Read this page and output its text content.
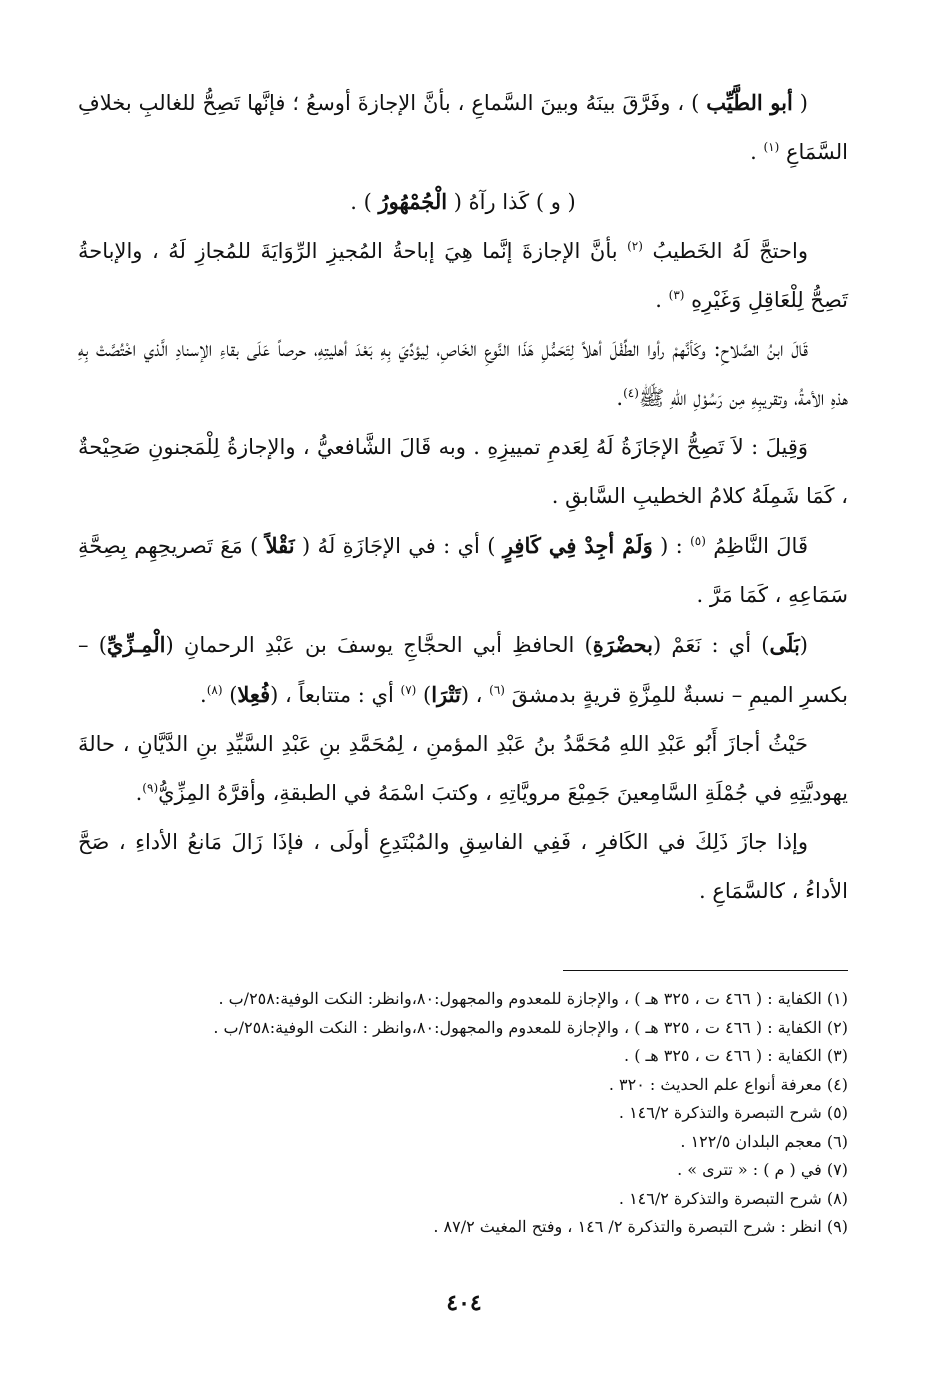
( أبو الطَّيِّب ) ، وفَرَّقَ بينَهُ وبينَ السَّماعِ ، بأنَّ الإجازةَ أوسعُ ؛ فإنَّها تَصِحُّ للغالبِ بخلافِ السَّمَاعِ $^{(١)}$ .

( و ) كَذا رآهُ ( الْجُمْهُورُ ) .

واحتجَّ لَهُ الخَطيبُ $^{(٢)}$ بأنَّ الإجازةَ إنَّما هِيَ إباحةُ المُجيزِ الرِّوَايَةَ للمُجازِ لَهُ ، والإباحةُ تَصِحُّ لِلْعَاقِلِ وَغَيْرِهِ $^{(٣)}$ .

قَالَ ابنُ الصَّلاحِ: وكَأنَّهمْ رأوا الطِّفْلَ أهلاً لِتَحَمُّلِ هَذَا النَّوعِ الخَاصِ، لِيؤدِّيَ بِهِ بَعْدَ أهليتِهِ، حرصاً عَلَى بقاءِ الإسنادِ الَّذي اخْتُصَّتْ بِهِ هذهِ الأمةُ، وتقريبِهِ مِن رَسُوْلِ اللهِ ﷺ$^{(٤)}$.

وَقِيلَ : لاَ تَصِحُّ الإجَازَةُ لَهُ لِعَدمِ تمييزِهِ . وبه قَالَ الشَّافعيُّ ، والإجازةُ لِلْمَجنونِ صَحِيْحةٌ ، كَمَا شَمِلَهُ كلامُ الخطيبِ السَّابقِ .

قَالَ النَّاظِمُ $^{(٥)}$ : ( وَلَمْ أجِدْ فِي كَافِرٍ ) أي : في الإجَازَةِ لَهُ ( نَقْلاً ) مَعَ تَصريحِهِم بِصِحَّةِ سَمَاعِهِ ، كَمَا مَرَّ .

(بَلَى) أي : نَعَمْ (بحضْرَةِ) الحافظِ أبي الحجَّاجِ يوسفَ بن عَبْدِ الرحمانِ (الْمِـزِّيِّ) – بكسرِ الميمِ – نسبةٌ للمِزَّةِ قريةٍ بدمشقَ $^{(٦)}$ ، (تَتْرَا) $^{(٧)}$ أي : متتابعاً ، (فُعِلا) $^{(٨)}$.

حَيْثُ أجازَ أَبُو عَبْدِ اللهِ مُحَمَّدُ بنُ عَبْدِ المؤمنِ ، لِمُحَمَّدِ بنِ عَبْدِ السَّيِّدِ بنِ الدَّيَّانِ ، حالةَ يهوديَّتِهِ في جُمْلَةِ السَّامِعينَ جَمِيْعَ مرويَّاتِهِ ، وكتبَ اسْمَهُ في الطبقةِ، وأقرَّهُ المِزِّيُّ$^{(٩)}$.

وإذا جازَ ذَلِكَ في الكَافرِ ، فَفِي الفاسِقِ والمُبْتَدِعِ أولَى ، فإذَا زَالَ مَانعُ الأداءِ ، صَحَّ الأداءُ ، كالسَّمَاعِ .

(١) الكفاية : ( ٤٦٦ ت ، ٣٢٥ هـ ) ، والإجازة للمعدوم والمجهول:٨٠،وانظر: النكت الوفية:٢٥٨/ب .

(٢) الكفاية : ( ٤٦٦ ت ، ٣٢٥ هـ ) ، والإجازة للمعدوم والمجهول:٨٠،وانظر : النكت الوفية:٢٥٨/ب .

(٣) الكفاية : ( ٤٦٦ ت ، ٣٢٥ هـ ) .

(٤) معرفة أنواع علم الحديث : ٣٢٠ .

(٥) شرح التبصرة والتذكرة ١٤٦/٢ .

(٦) معجم البلدان ١٢٢/٥ .

(٧) في ( م ) : « تترى » .

(٨) شرح التبصرة والتذكرة ١٤٦/٢ .

(٩) انظر : شرح التبصرة والتذكرة ٢/ ١٤٦ ، وفتح المغيث ٨٧/٢ .

٤٠٤
